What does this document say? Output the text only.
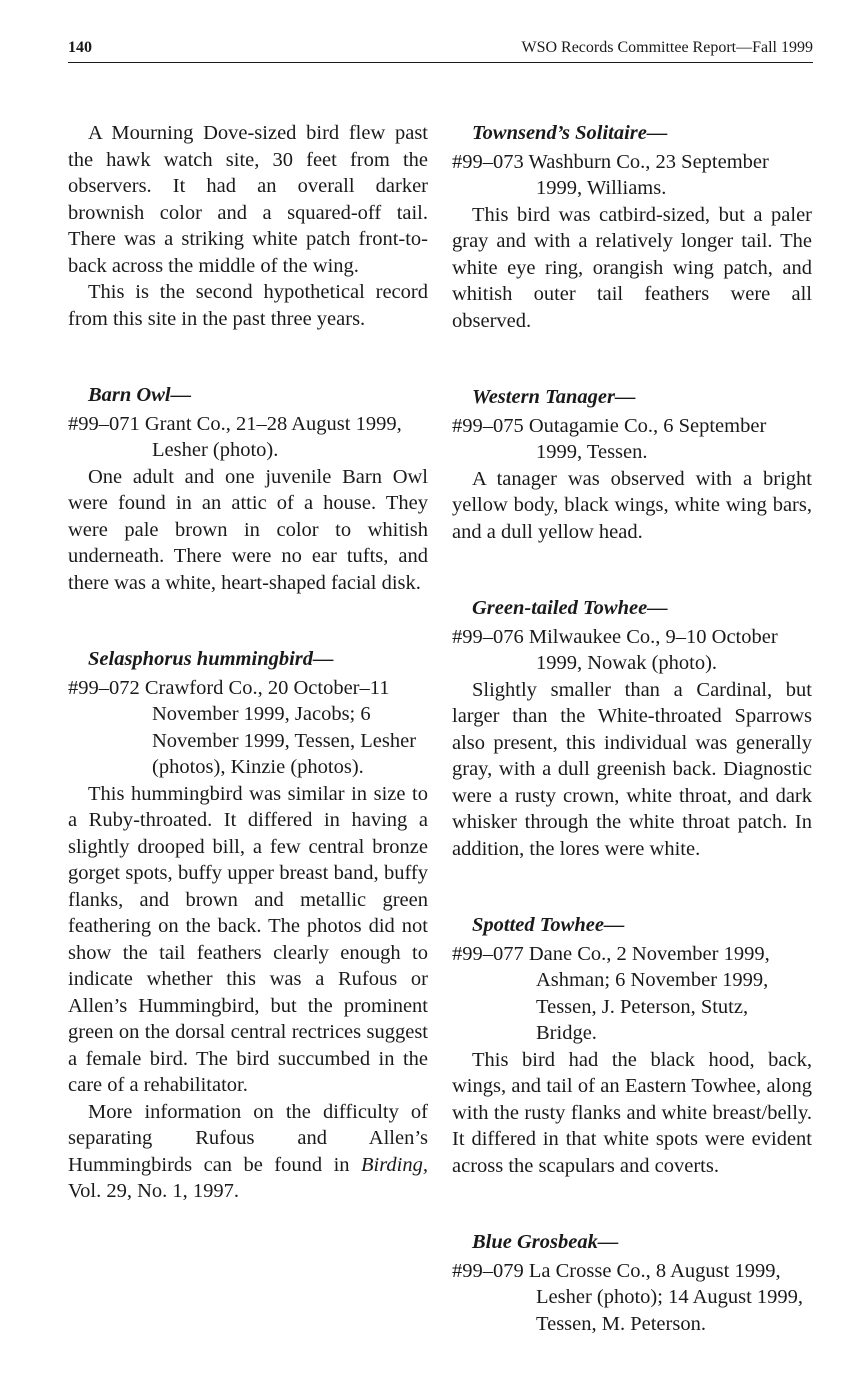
140	WSO Records Committee Report—Fall 1999

A Mourning Dove-sized bird flew past the hawk watch site, 30 feet from the observers. It had an overall darker brownish color and a squared-off tail. There was a striking white patch front-to-back across the middle of the wing.

This is the second hypothetical record from this site in the past three years.

Barn Owl—

#99–071 Grant Co., 21–28 August 1999, Lesher (photo).

One adult and one juvenile Barn Owl were found in an attic of a house. They were pale brown in color to whitish underneath. There were no ear tufts, and there was a white, heart-shaped facial disk.

Selasphorus hummingbird—

#99–072 Crawford Co., 20 October–11 November 1999, Jacobs; 6 November 1999, Tessen, Lesher (photos), Kinzie (photos).

This hummingbird was similar in size to a Ruby-throated. It differed in having a slightly drooped bill, a few central bronze gorget spots, buffy upper breast band, buffy flanks, and brown and metallic green feathering on the back. The photos did not show the tail feathers clearly enough to indicate whether this was a Rufous or Allen’s Hummingbird, but the prominent green on the dorsal central rectrices suggest a female bird. The bird succumbed in the care of a rehabilitator.

More information on the difficulty of separating Rufous and Allen’s Hummingbirds can be found in Birding, Vol. 29, No. 1, 1997.

Townsend’s Solitaire—

#99–073 Washburn Co., 23 September 1999, Williams.

This bird was catbird-sized, but a paler gray and with a relatively longer tail. The white eye ring, orangish wing patch, and whitish outer tail feathers were all observed.

Western Tanager—

#99–075 Outagamie Co., 6 September 1999, Tessen.

A tanager was observed with a bright yellow body, black wings, white wing bars, and a dull yellow head.

Green-tailed Towhee—

#99–076 Milwaukee Co., 9–10 October 1999, Nowak (photo).

Slightly smaller than a Cardinal, but larger than the White-throated Sparrows also present, this individual was generally gray, with a dull greenish back. Diagnostic were a rusty crown, white throat, and dark whisker through the white throat patch. In addition, the lores were white.

Spotted Towhee—

#99–077 Dane Co., 2 November 1999, Ashman; 6 November 1999, Tessen, J. Peterson, Stutz, Bridge.

This bird had the black hood, back, wings, and tail of an Eastern Towhee, along with the rusty flanks and white breast/belly. It differed in that white spots were evident across the scapulars and coverts.

Blue Grosbeak—

#99–079 La Crosse Co., 8 August 1999, Lesher (photo); 14 August 1999, Tessen, M. Peterson.
